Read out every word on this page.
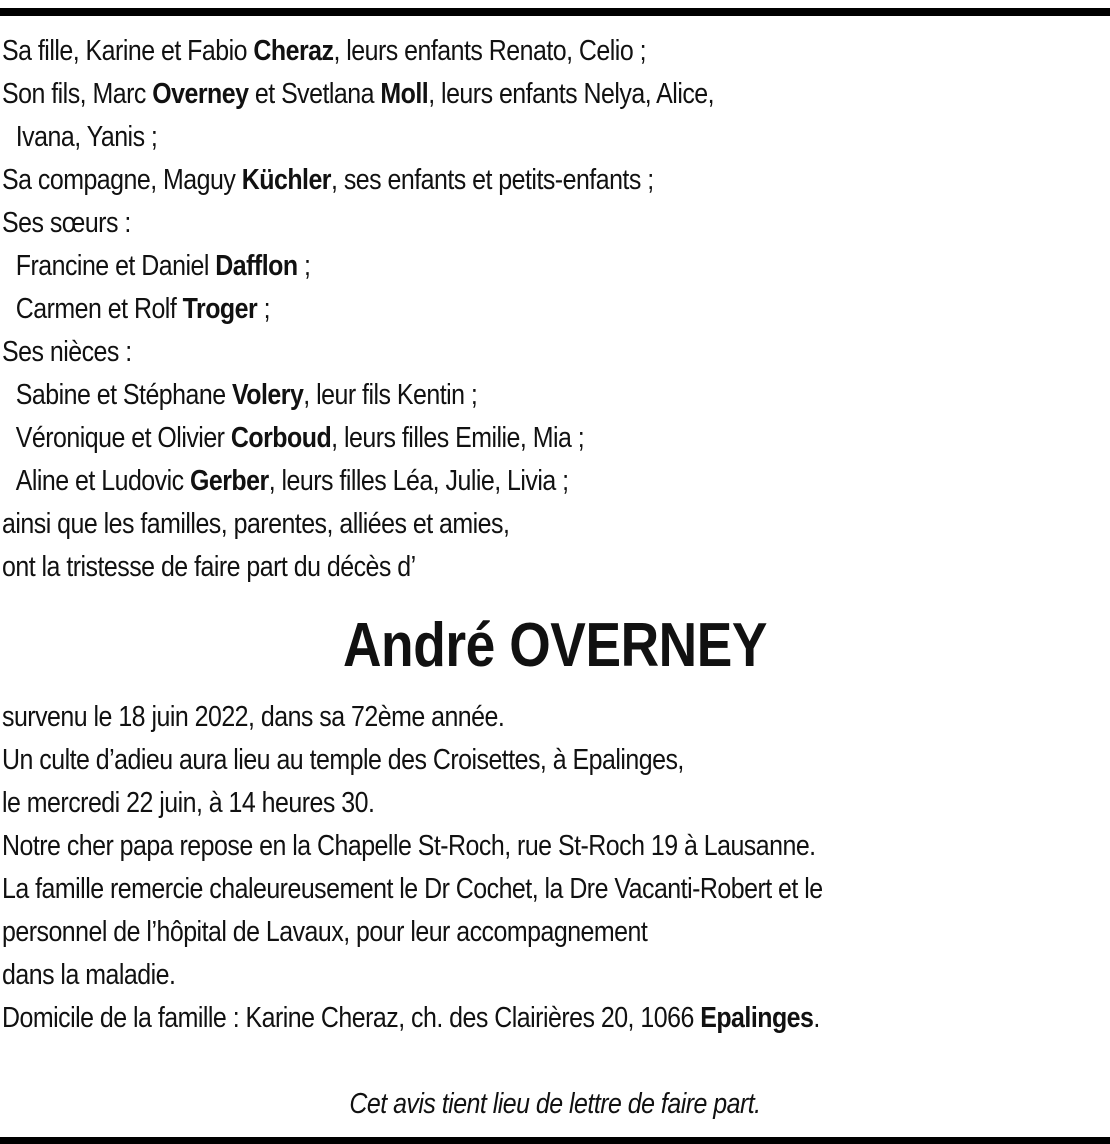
Sa fille, Karine et Fabio Cheraz, leurs enfants Renato, Celio ;
Son fils, Marc Overney et Svetlana Moll, leurs enfants Nelya, Alice,
Ivana, Yanis ;
Sa compagne, Maguy Küchler, ses enfants et petits-enfants ;
Ses sœurs :
Francine et Daniel Dafflon ;
Carmen et Rolf Troger ;
Ses nièces :
Sabine et Stéphane Volery, leur fils Kentin ;
Véronique et Olivier Corboud, leurs filles Emilie, Mia ;
Aline et Ludovic Gerber, leurs filles Léa, Julie, Livia ;
ainsi que les familles, parentes, alliées et amies,
ont la tristesse de faire part du décès d’
André OVERNEY
survenu le 18 juin 2022, dans sa 72ème année.
Un culte d’adieu aura lieu au temple des Croisettes, à Epalinges,
le mercredi 22 juin, à 14 heures 30.
Notre cher papa repose en la Chapelle St-Roch, rue St-Roch 19 à Lausanne.
La famille remercie chaleureusement le Dr Cochet, la Dre Vacanti-Robert et le
personnel de l’hôpital de Lavaux, pour leur accompagnement
dans la maladie.
Domicile de la famille : Karine Cheraz, ch. des Clairières 20, 1066 Epalinges.
Cet avis tient lieu de lettre de faire part.
